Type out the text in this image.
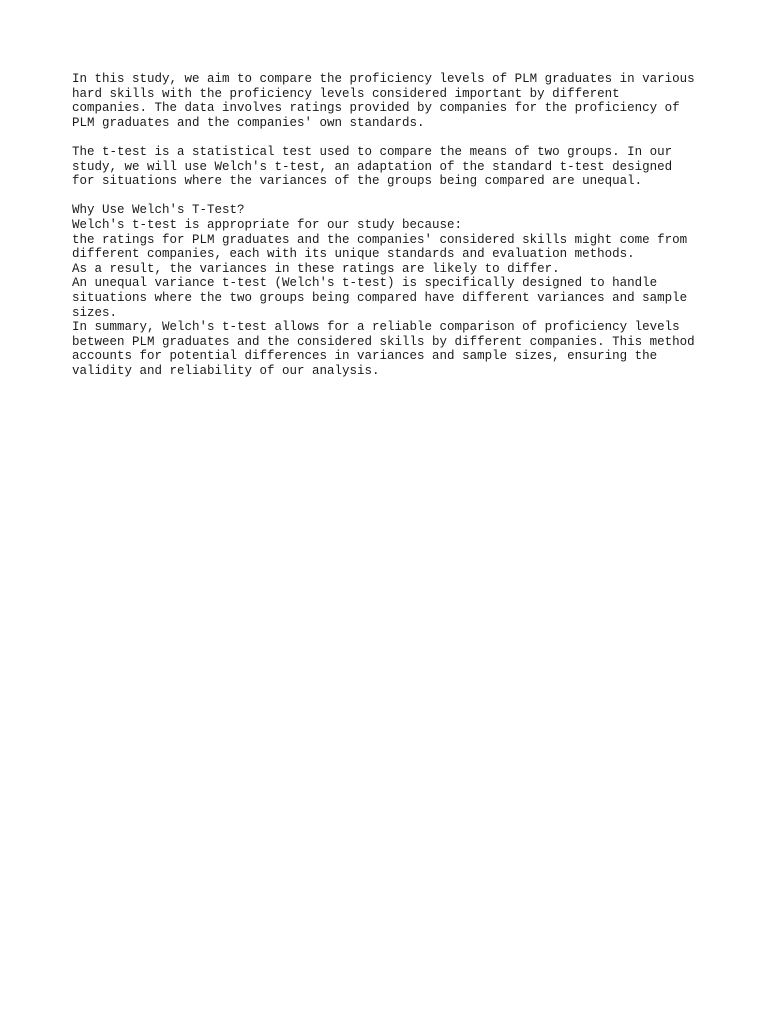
In this study, we aim to compare the proficiency levels of PLM graduates in various
hard skills with the proficiency levels considered important by different
companies. The data involves ratings provided by companies for the proficiency of
PLM graduates and the companies' own standards.
The t-test is a statistical test used to compare the means of two groups. In our
study, we will use Welch's t-test, an adaptation of the standard t-test designed
for situations where the variances of the groups being compared are unequal.
Why Use Welch's T-Test?
Welch's t-test is appropriate for our study because:
the ratings for PLM graduates and the companies' considered skills might come from
different companies, each with its unique standards and evaluation methods.
As a result, the variances in these ratings are likely to differ.
An unequal variance t-test (Welch's t-test) is specifically designed to handle
situations where the two groups being compared have different variances and sample
sizes.
In summary, Welch's t-test allows for a reliable comparison of proficiency levels
between PLM graduates and the considered skills by different companies. This method
accounts for potential differences in variances and sample sizes, ensuring the
validity and reliability of our analysis.
